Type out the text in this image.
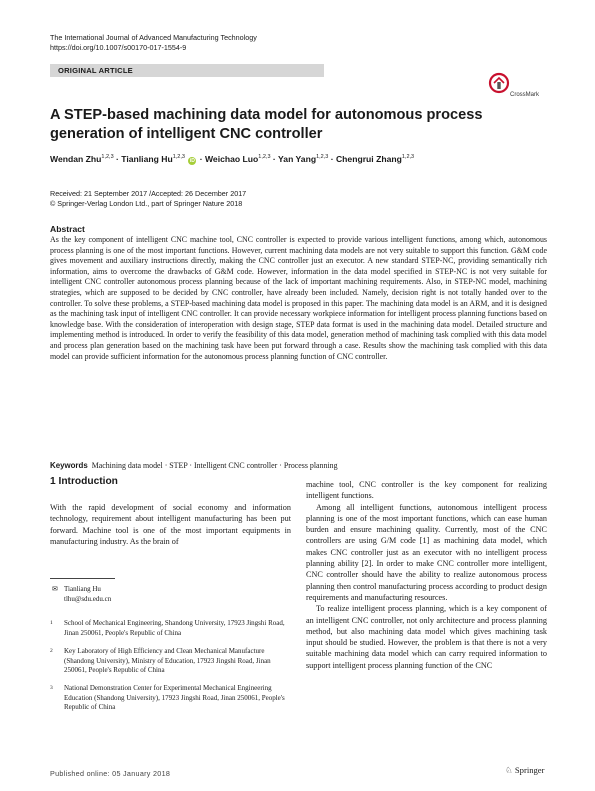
The International Journal of Advanced Manufacturing Technology
https://doi.org/10.1007/s00170-017-1554-9
ORIGINAL ARTICLE
CrossMark
A STEP-based machining data model for autonomous process generation of intelligent CNC controller
Wendan Zhu$^{1,2,3}$ · Tianliang Hu$^{1,2,3}$ iD · Weichao Luo$^{1,2,3}$ · Yan Yang$^{1,2,3}$ · Chengrui Zhang$^{1,2,3}$
Received: 21 September 2017 /Accepted: 26 December 2017
© Springer-Verlag London Ltd., part of Springer Nature 2018
Abstract
As the key component of intelligent CNC machine tool, CNC controller is expected to provide various intelligent functions, among which, autonomous process planning is one of the most important functions. However, current machining data models are not very suitable to support this function. G&M code gives movement and auxiliary instructions directly, making the CNC controller just an executor. A new standard STEP-NC, providing semantically rich information, aims to overcome the drawbacks of G&M code. However, information in the data model specified in STEP-NC is not very suitable for intelligent CNC controller autonomous process planning because of the lack of important machining requirements. Also, in STEP-NC model, machining strategies, which are supposed to be decided by CNC controller, have already been included. Namely, decision right is not totally handed over to the controller. To solve these problems, a STEP-based machining data model is proposed in this paper. The machining data model is an ARM, and it is designed as the machining task input of intelligent CNC controller. It can provide necessary workpiece information for intelligent process planning functions based on knowledge base. With the consideration of interoperation with design stage, STEP data format is used in the machining data model. Detailed structure and implementing method is introduced. In order to verify the feasibility of this data model, generation method of machining task complied with this data model and process plan generation based on the machining task have been put forward through a case. Results show the machining task complied with this data model can provide sufficient information for the autonomous process planning function of CNC controller.
Keywords Machining data model · STEP · Intelligent CNC controller · Process planning
1 Introduction

With the rapid development of social economy and information technology, requirement about intelligent manufacturing has been put forward. Machine tool is one of the most important equipments in manufacturing industry. As the brain of

machine tool, CNC controller is the key component for realizing intelligent functions.

Among all intelligent functions, autonomous intelligent process planning is one of the most important functions, which can ease human burden and ensure machining quality. Currently, most of the CNC controllers are using G/M code [1] as machining data model, which makes CNC controller just as an executor with no intelligent process planning ability [2]. In order to make CNC controller more intelligent, CNC controller should have the ability to realize autonomous process planning then control manufacturing process according to product design requirements and manufacturing resources.

To realize intelligent process planning, which is a key component of an intelligent CNC controller, not only architecture and process planning method, but also machining data model which gives machining task input should be studied. However, the problem is that there is not a very suitable machining data model which can carry required information to support intelligent process planning function of the CNC

✉ Tianliang Hu
tlhu@sdu.edu.cn
1 School of Mechanical Engineering, Shandong University, 17923 Jingshi Road, Jinan 250061, People's Republic of China
2 Key Laboratory of High Efficiency and Clean Mechanical Manufacture (Shandong University), Ministry of Education, 17923 Jingshi Road, Jinan 250061, People's Republic of China
3 National Demonstration Center for Experimental Mechanical Engineering Education (Shandong University), 17923 Jingshi Road, Jinan 250061, People's Republic of China
Published online: 05 January 2018	♘ Springer
